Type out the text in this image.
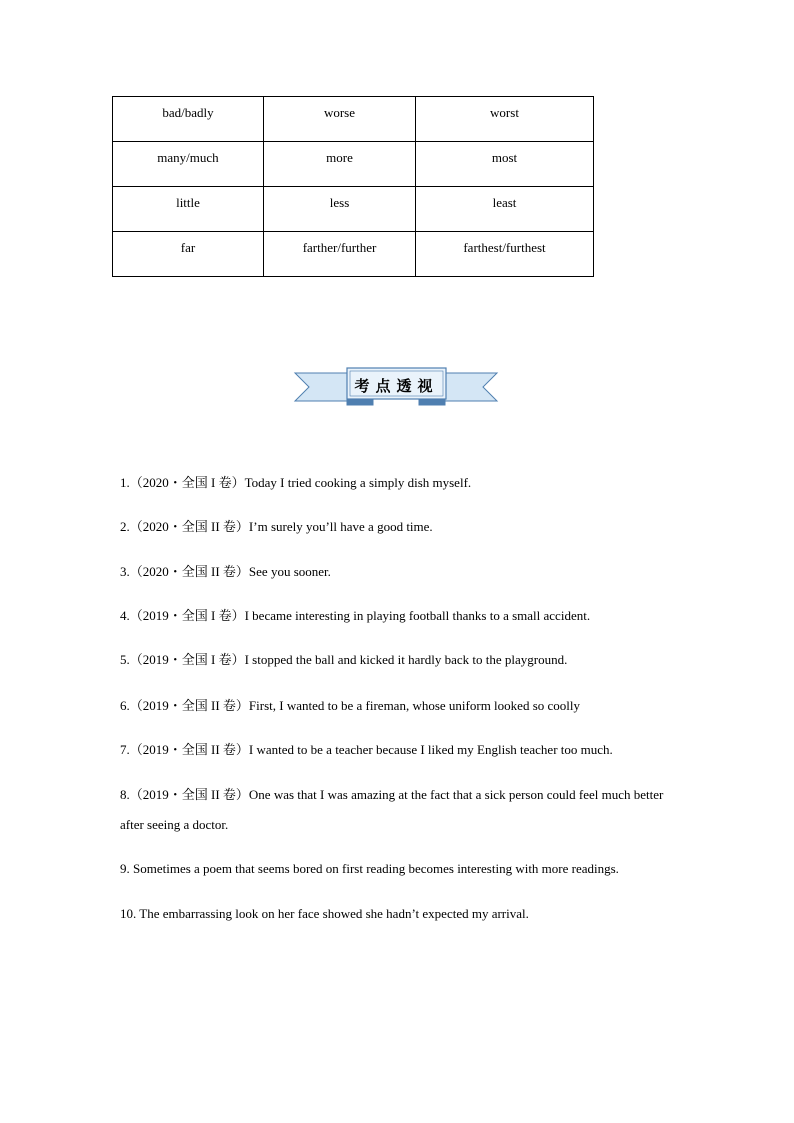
bad/badly	worse	worst
many/much	more	most
little	less	least
far	farther/further	farthest/furthest
考点透视
1.（2020・全国 I 卷）Today I tried cooking a simply dish myself.
2.（2020・全国 II 卷）I’m surely you’ll have a good time.
3.（2020・全国 II 卷）See you sooner.
4.（2019・全国 I 卷）I became interesting in playing football thanks to a small accident.
5.（2019・全国 I 卷）I stopped the ball and kicked it hardly back to the playground.
6.（2019・全国 II 卷）First, I wanted to be a fireman, whose uniform looked so coolly
7.（2019・全国 II 卷）I wanted to be a teacher because I liked my English teacher too much.
8.（2019・全国 II 卷）One was that I was amazing at the fact that a sick person could feel much better after seeing a doctor.
9. Sometimes a poem that seems bored on first reading becomes interesting with more readings.
10. The embarrassing look on her face showed she hadn’t expected my arrival.
